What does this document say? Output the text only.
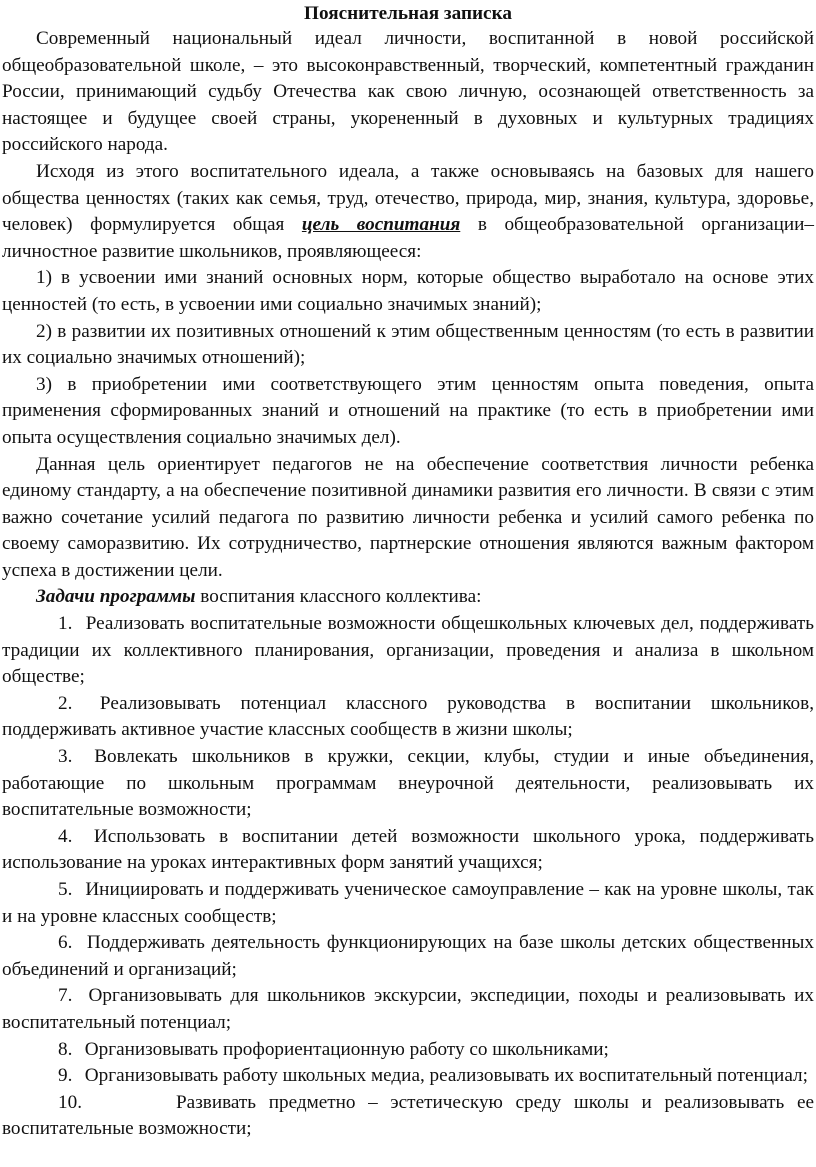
Пояснительная записка

Современный национальный идеал личности, воспитанной в новой российской общеобразовательной школе, – это высоконравственный, творческий, компетентный гражданин России, принимающий судьбу Отечества как свою личную, осознающей ответственность за настоящее и будущее своей страны, укорененный в духовных и культурных традициях российского народа.

Исходя из этого воспитательного идеала, а также основываясь на базовых для нашего общества ценностях (таких как семья, труд, отечество, природа, мир, знания, культура, здоровье, человек) формулируется общая цель воспитания в общеобразовательной организации–личностное развитие школьников, проявляющееся:

1) в усвоении ими знаний основных норм, которые общество выработало на основе этих ценностей (то есть, в усвоении ими социально значимых знаний);

2) в развитии их позитивных отношений к этим общественным ценностям (то есть в развитии их социально значимых отношений);

3) в приобретении ими соответствующего этим ценностям опыта поведения, опыта применения сформированных знаний и отношений на практике (то есть в приобретении ими опыта осуществления социально значимых дел).

Данная цель ориентирует педагогов не на обеспечение соответствия личности ребенка единому стандарту, а на обеспечение позитивной динамики развития его личности. В связи с этим важно сочетание усилий педагога по развитию личности ребенка и усилий самого ребенка по своему саморазвитию. Их сотрудничество, партнерские отношения являются важным фактором успеха в достижении цели.

Задачи программы воспитания классного коллектива:

1. Реализовать воспитательные возможности общешкольных ключевых дел, поддерживать традиции их коллективного планирования, организации, проведения и анализа в школьном обществе;

2. Реализовывать потенциал классного руководства в воспитании школьников, поддерживать активное участие классных сообществ в жизни школы;

3. Вовлекать школьников в кружки, секции, клубы, студии и иные объединения, работающие по школьным программам внеурочной деятельности, реализовывать их воспитательные возможности;

4. Использовать в воспитании детей возможности школьного урока, поддерживать использование на уроках интерактивных форм занятий учащихся;

5. Инициировать и поддерживать ученическое самоуправление – как на уровне школы, так и на уровне классных сообществ;

6. Поддерживать деятельность функционирующих на базе школы детских общественных объединений и организаций;

7. Организовывать для школьников экскурсии, экспедиции, походы и реализовывать их воспитательный потенциал;

8. Организовывать профориентационную работу со школьниками;

9. Организовывать работу школьных медиа, реализовывать их воспитательный потенциал;

10.	Развивать предметно – эстетическую среду школы и реализовывать ее воспитательные возможности;
